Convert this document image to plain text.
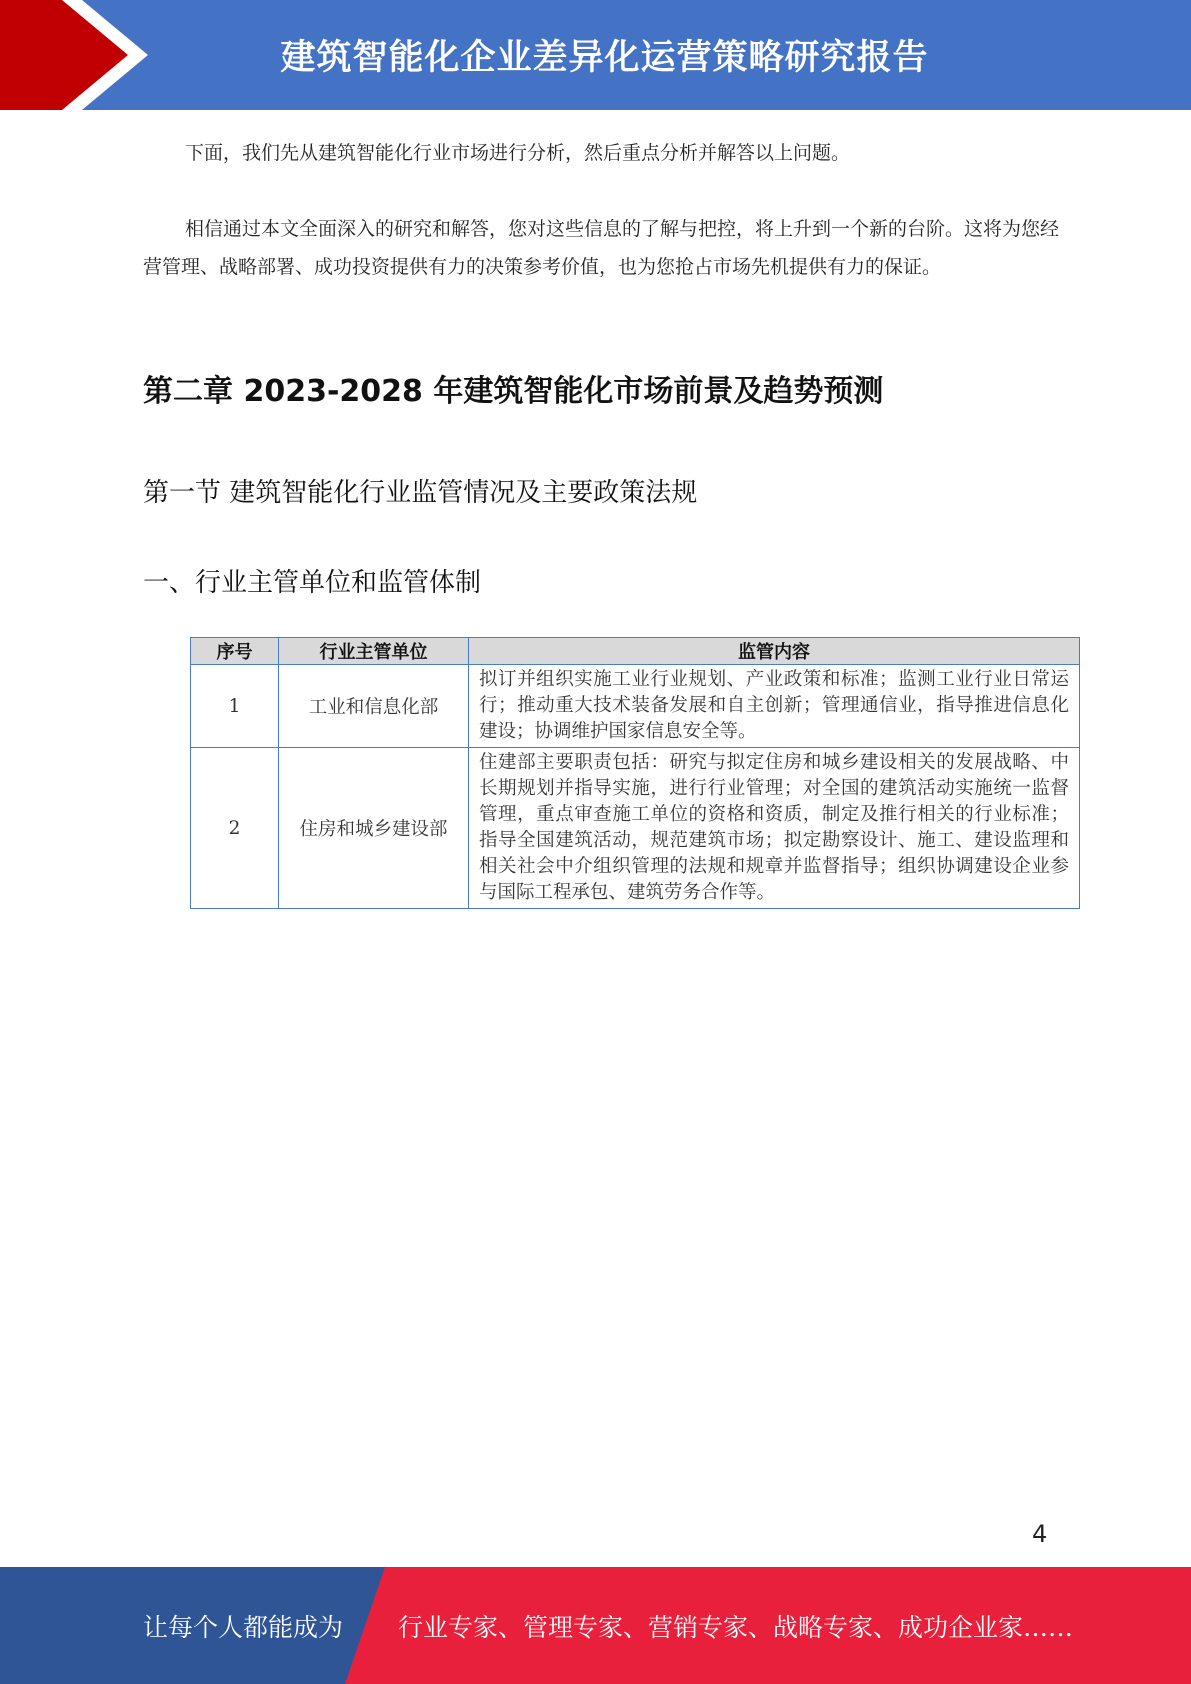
建筑智能化企业差异化运营策略研究报告
下面，我们先从建筑智能化行业市场进行分析，然后重点分析并解答以上问题。
相信通过本文全面深入的研究和解答，您对这些信息的了解与把控，将上升到一个新的台阶。这将为您经营管理、战略部署、成功投资提供有力的决策参考价值，也为您抢占市场先机提供有力的保证。
第二章 2023-2028 年建筑智能化市场前景及趋势预测
第一节 建筑智能化行业监管情况及主要政策法规
一、行业主管单位和监管体制
序号	行业主管单位	监管内容
1	工业和信息化部	拟订并组织实施工业行业规划、产业政策和标准；监测工业行业日常运行；推动重大技术装备发展和自主创新；管理通信业，指导推进信息化建设；协调维护国家信息安全等。
2	住房和城乡建设部	住建部主要职责包括：研究与拟定住房和城乡建设相关的发展战略、中长期规划并指导实施，进行行业管理；对全国的建筑活动实施统一监督管理，重点审查施工单位的资格和资质，制定及推行相关的行业标准；指导全国建筑活动，规范建筑市场；拟定勘察设计、施工、建设监理和相关社会中介组织管理的法规和规章并监督指导；组织协调建设企业参与国际工程承包、建筑劳务合作等。
4
让每个人都能成为 行业专家、管理专家、营销专家、战略专家、成功企业家……
